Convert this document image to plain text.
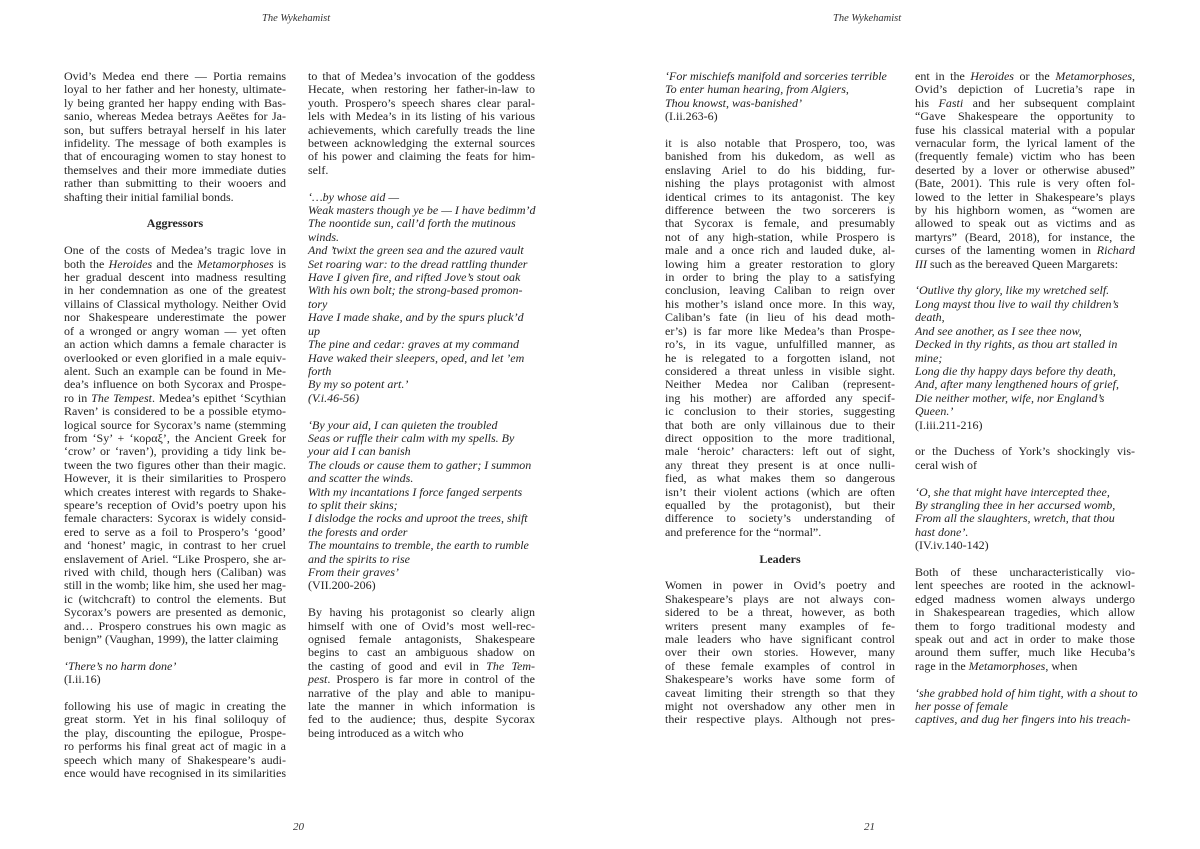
The Wykehamist
Ovid’s Medea end there — Portia remains
loyal to her father and her honesty, ultimate-
ly being granted her happy ending with Bas-
sanio, whereas Medea betrays Aeëtes for Ja-
son, but suffers betrayal herself in his later
infidelity. The message of both examples is
that of encouraging women to stay honest to
themselves and their more immediate duties
rather than submitting to their wooers and
shafting their initial familial bonds.
Aggressors
One of the costs of Medea’s tragic love in
both the Heroides and the Metamorphoses is
her gradual descent into madness resulting
in her condemnation as one of the greatest
villains of Classical mythology. Neither Ovid
nor Shakespeare underestimate the power
of a wronged or angry woman — yet often
an action which damns a female character is
overlooked or even glorified in a male equiv-
alent. Such an example can be found in Me-
dea’s influence on both Sycorax and Prospe-
ro in The Tempest. Medea’s epithet ‘Scythian
Raven’ is considered to be a possible etymo-
logical source for Sycorax’s name (stemming
from ‘Sy’ + ‘κοραξ’, the Ancient Greek for
‘crow’ or ‘raven’), providing a tidy link be-
tween the two figures other than their magic.
However, it is their similarities to Prospero
which creates interest with regards to Shake-
speare’s reception of Ovid’s poetry upon his
female characters: Sycorax is widely consid-
ered to serve as a foil to Prospero’s ‘good’
and ‘honest’ magic, in contrast to her cruel
enslavement of Ariel. “Like Prospero, she ar-
rived with child, though hers (Caliban) was
still in the womb; like him, she used her mag-
ic (witchcraft) to control the elements. But
Sycorax’s powers are presented as demonic,
and… Prospero construes his own magic as
benign” (Vaughan, 1999), the latter claiming
‘There’s no harm done’
(I.ii.16)
following his use of magic in creating the
great storm. Yet in his final soliloquy of
the play, discounting the epilogue, Prospe-
ro performs his final great act of magic in a
speech which many of Shakespeare’s audi-
ence would have recognised in its similarities
to that of Medea’s invocation of the goddess
Hecate, when restoring her father-in-law to
youth. Prospero’s speech shares clear paral-
lels with Medea’s in its listing of his various
achievements, which carefully treads the line
between acknowledging the external sources
of his power and claiming the feats for him-
self.
‘…by whose aid —
Weak masters though ye be — I have bedimm’d
The noontide sun, call’d forth the mutinous
winds.
And ’twixt the green sea and the azured vault
Set roaring war: to the dread rattling thunder
Have I given fire, and rifted Jove’s stout oak
With his own bolt; the strong-based promon-
tory
Have I made shake, and by the spurs pluck’d
up
The pine and cedar: graves at my command
Have waked their sleepers, oped, and let ’em
forth
By my so potent art.’
(V.i.46-56)
‘By your aid, I can quieten the troubled
Seas or ruffle their calm with my spells. By
your aid I can banish
The clouds or cause them to gather; I summon
and scatter the winds.
With my incantations I force fanged serpents
to split their skins;
I dislodge the rocks and uproot the trees, shift
the forests and order
The mountains to tremble, the earth to rumble
and the spirits to rise
From their graves’
(VII.200-206)
By having his protagonist so clearly align
himself with one of Ovid’s most well-rec-
ognised female antagonists, Shakespeare
begins to cast an ambiguous shadow on
the casting of good and evil in The Tem-
pest. Prospero is far more in control of the
narrative of the play and able to manipu-
late the manner in which information is
fed to the audience; thus, despite Sycorax
being introduced as a witch who
20
The Wykehamist
‘For mischiefs manifold and sorceries terrible
To enter human hearing, from Algiers,
Thou knowst, was-banished’
(I.ii.263-6)
it is also notable that Prospero, too, was
banished from his dukedom, as well as
enslaving Ariel to do his bidding, fur-
nishing the plays protagonist with almost
identical crimes to its antagonist. The key
difference between the two sorcerers is
that Sycorax is female, and presumably
not of any high-station, while Prospero is
male and a once rich and lauded duke, al-
lowing him a greater restoration to glory
in order to bring the play to a satisfying
conclusion, leaving Caliban to reign over
his mother’s island once more. In this way,
Caliban’s fate (in lieu of his dead moth-
er’s) is far more like Medea’s than Prospe-
ro’s, in its vague, unfulfilled manner, as
he is relegated to a forgotten island, not
considered a threat unless in visible sight.
Neither Medea nor Caliban (represent-
ing his mother) are afforded any specif-
ic conclusion to their stories, suggesting
that both are only villainous due to their
direct opposition to the more traditional,
male ‘heroic’ characters: left out of sight,
any threat they present is at once nulli-
fied, as what makes them so dangerous
isn’t their violent actions (which are often
equalled by the protagonist), but their
difference to society’s understanding of
and preference for the “normal”.
Leaders
Women in power in Ovid’s poetry and
Shakespeare’s plays are not always con-
sidered to be a threat, however, as both
writers present many examples of fe-
male leaders who have significant control
over their own stories. However, many
of these female examples of control in
Shakespeare’s works have some form of
caveat limiting their strength so that they
might not overshadow any other men in
their respective plays. Although not pres-
ent in the Heroides or the Metamorphoses,
Ovid’s depiction of Lucretia’s rape in
his Fasti and her subsequent complaint
“Gave Shakespeare the opportunity to
fuse his classical material with a popular
vernacular form, the lyrical lament of the
(frequently female) victim who has been
deserted by a lover or otherwise abused”
(Bate, 2001). This rule is very often fol-
lowed to the letter in Shakespeare’s plays
by his highborn women, as “women are
allowed to speak out as victims and as
martyrs” (Beard, 2018), for instance, the
curses of the lamenting women in Richard
III such as the bereaved Queen Margarets:
‘Outlive thy glory, like my wretched self.
Long mayst thou live to wail thy children’s
death,
And see another, as I see thee now,
Decked in thy rights, as thou art stalled in
mine;
Long die thy happy days before thy death,
And, after many lengthened hours of grief,
Die neither mother, wife, nor England’s
Queen.’
(I.iii.211-216)
or the Duchess of York’s shockingly vis-
ceral wish of
‘O, she that might have intercepted thee,
By strangling thee in her accursed womb,
From all the slaughters, wretch, that thou
hast done’.
(IV.iv.140-142)
Both of these uncharacteristically vio-
lent speeches are rooted in the acknowl-
edged madness women always undergo
in Shakespearean tragedies, which allow
them to forgo traditional modesty and
speak out and act in order to make those
around them suffer, much like Hecuba’s
rage in the Metamorphoses, when
‘she grabbed hold of him tight, with a shout to
her posse of female
captives, and dug her fingers into his treach-
21
